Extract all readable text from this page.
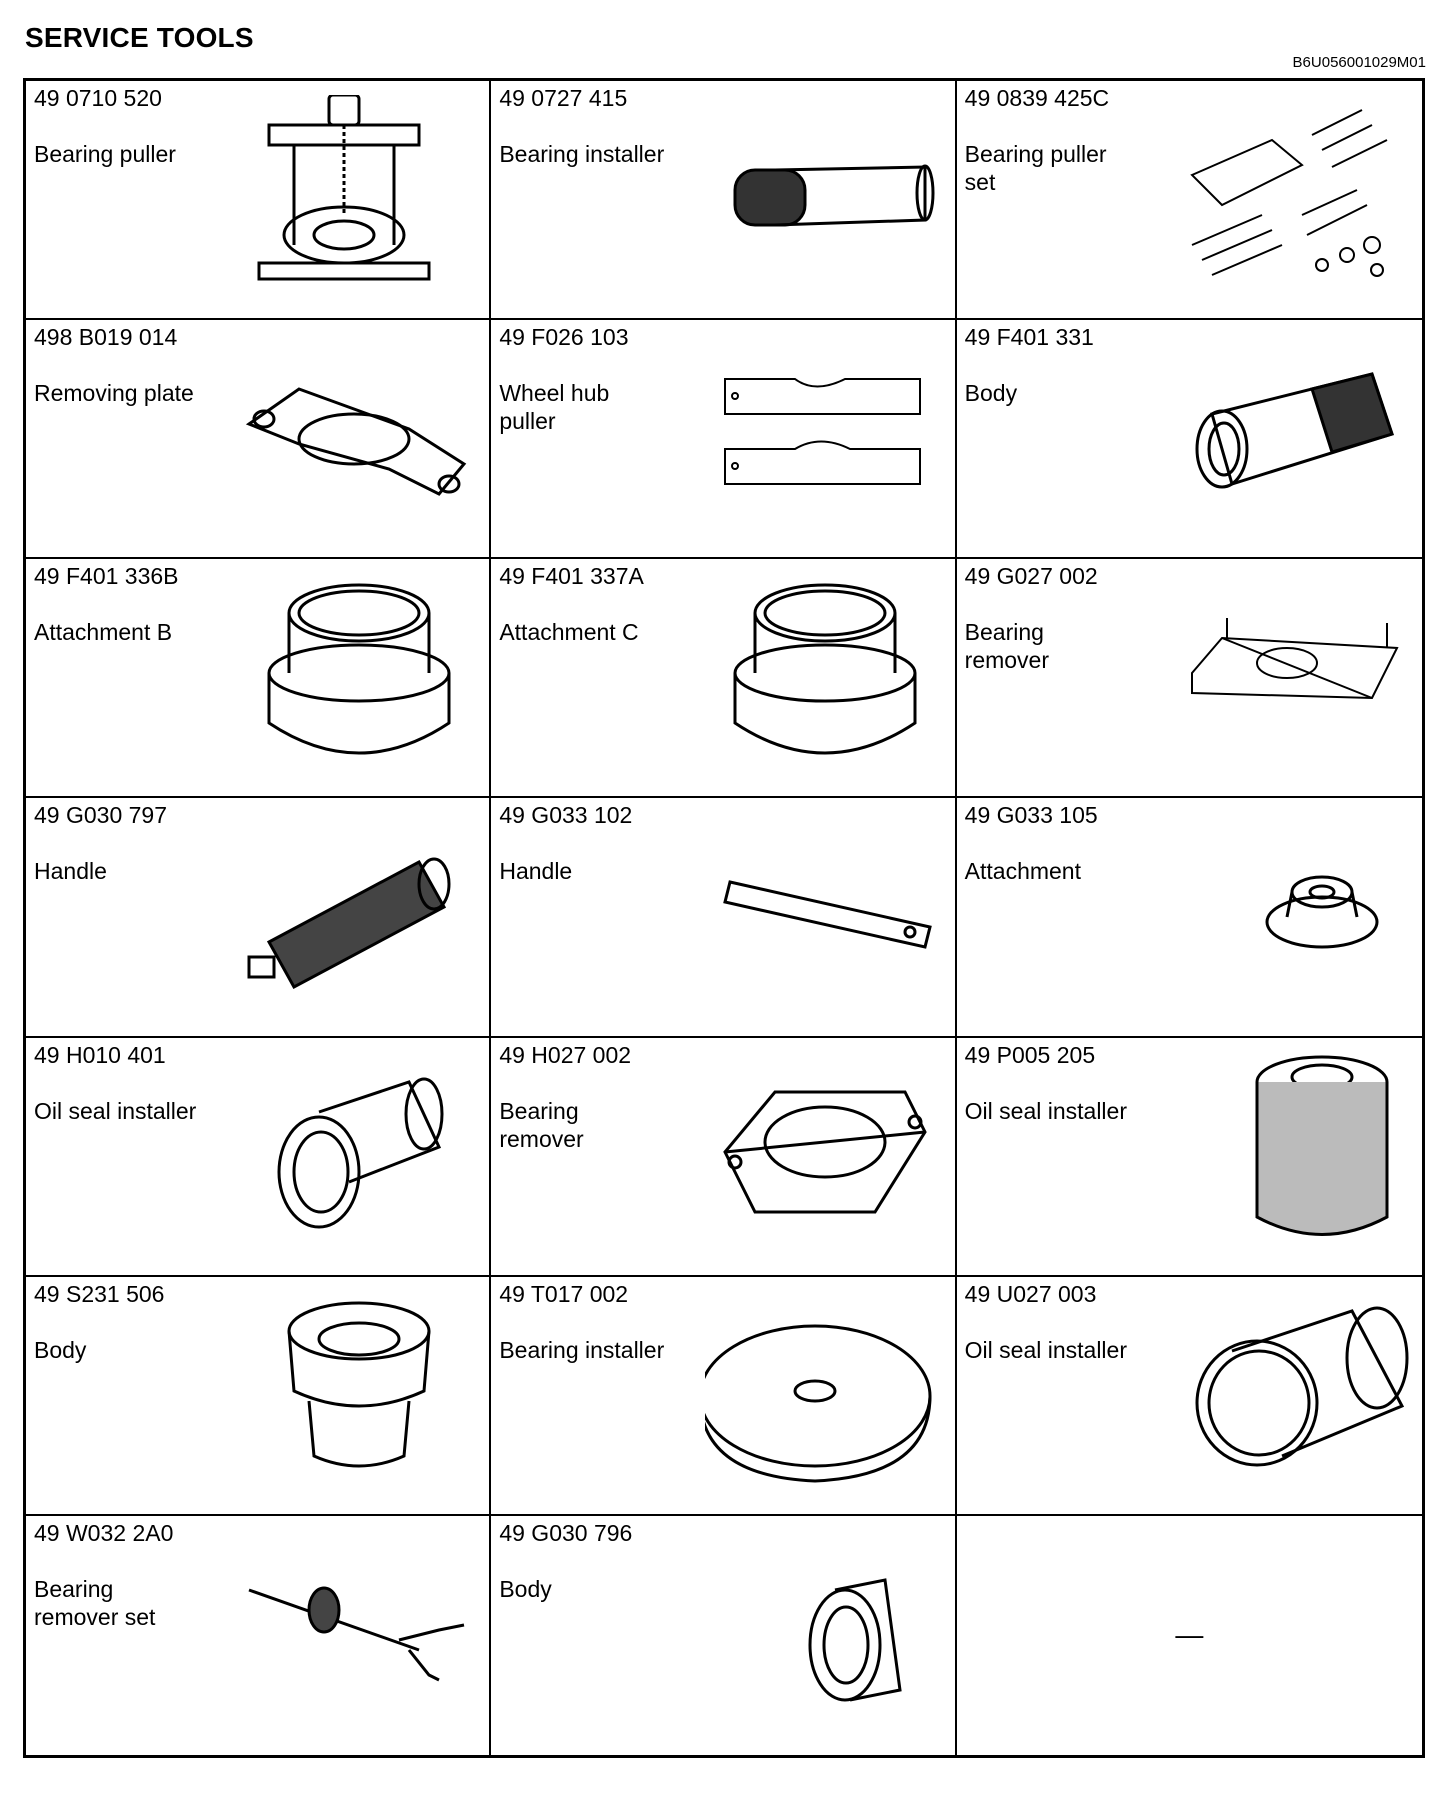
SERVICE TOOLS
B6U056001029M01
49 0710 520
Bearing puller
49 0727 415
Bearing installer
49 0839 425C
Bearing puller
set
498 B019 014
Removing plate
49 F026 103
Wheel hub
puller
49 F401 331
Body
49 F401 336B
Attachment B
49 F401 337A
Attachment C
49 G027 002
Bearing
remover
49 G030 797
Handle
49 G033 102
Handle
49 G033 105
Attachment
49 H010 401
Oil seal installer
49 H027 002
Bearing
remover
49 P005 205
Oil seal installer
49 S231 506
Body
49 T017 002
Bearing installer
49 U027 003
Oil seal installer
49 W032 2A0
Bearing
remover set
49 G030 796
Body
—
